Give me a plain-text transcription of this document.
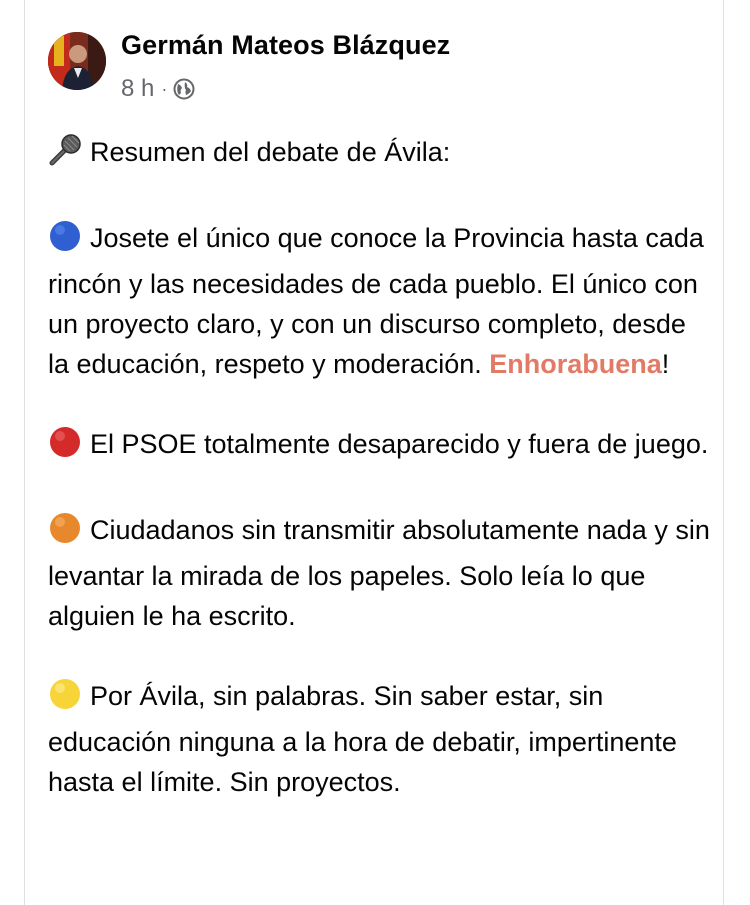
Germán Mateos Blázquez
8 h ·
Resumen del debate de Ávila:
Josete el único que conoce la Provincia hasta cada rincón y las necesidades de cada pueblo. El único con un proyecto claro, y con un discurso completo, desde la educación, respeto y moderación. Enhorabuena!
El PSOE totalmente desaparecido y fuera de juego.
Ciudadanos sin transmitir absolutamente nada y sin levantar la mirada de los papeles. Solo leía lo que alguien le ha escrito.
Por Ávila, sin palabras. Sin saber estar, sin educación ninguna a la hora de debatir, impertinente hasta el límite. Sin proyectos.
